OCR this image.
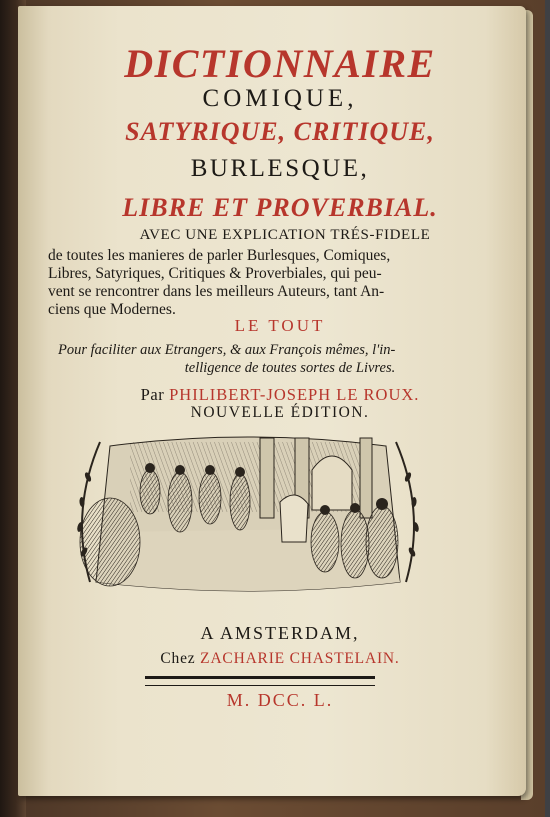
DICTIONNAIRE
COMIQUE,
SATYRIQUE, CRITIQUE,
BURLESQUE,
LIBRE ET PROVERBIAL.
AVEC UNE EXPLICATION TRÉS-FIDELE
de toutes les manieres de parler Burlesques, Comiques,
Libres, Satyriques, Critiques & Proverbiales, qui peu-
vent se rencontrer dans les meilleurs Auteurs, tant An-
ciens que Modernes.
LE TOUT
Pour faciliter aux Etrangers, & aux François mêmes, l'in-
telligence de toutes sortes de Livres.
Par PHILIBERT-JOSEPH LE ROUX.
NOUVELLE ÉDITION.
A AMSTERDAM,
Chez ZACHARIE CHASTELAIN.
M. DCC. L.
